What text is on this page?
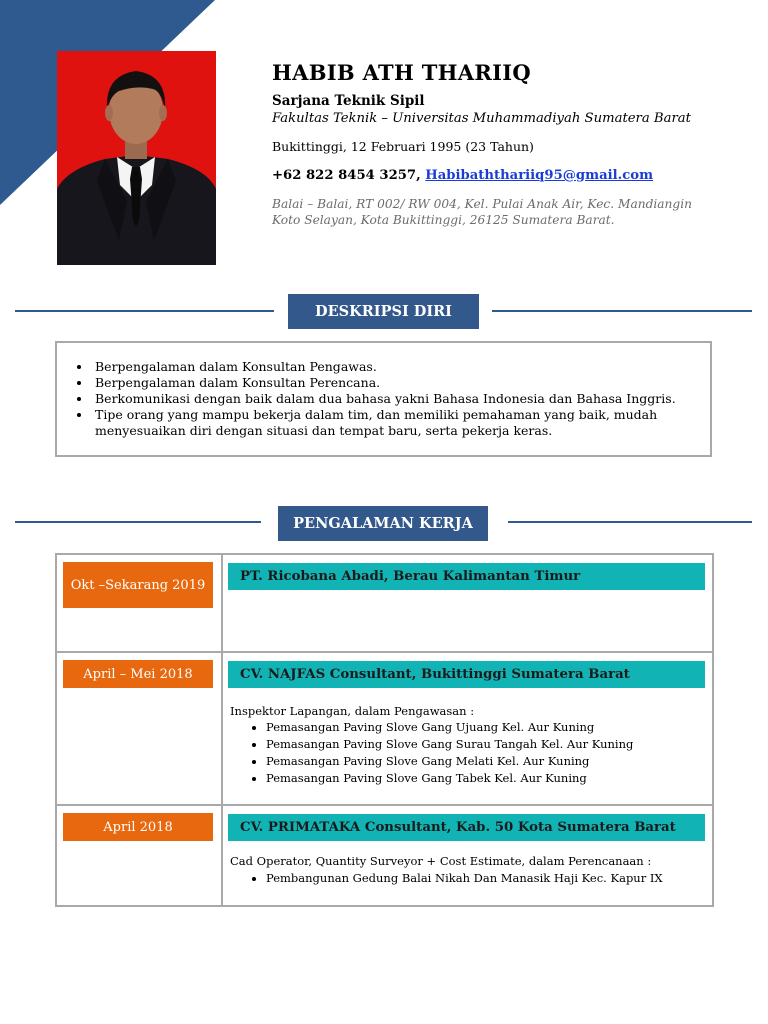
HABIB ATH THARIIQ
Sarjana Teknik Sipil
Fakultas Teknik – Universitas Muhammadiyah Sumatera Barat
Bukittinggi, 12 Februari 1995 (23 Tahun)
+62 822 8454 3257, Habibaththariiq95@gmail.com
Balai – Balai, RT 002/ RW 004, Kel. Pulai Anak Air, Kec. Mandiangin Koto Selayan, Kota Bukittinggi, 26125 Sumatera Barat.
DESKRIPSI DIRI
• Berpengalaman dalam Konsultan Pengawas.
• Berpengalaman dalam Konsultan Perencana.
• Berkomunikasi dengan baik dalam dua bahasa yakni Bahasa Indonesia dan Bahasa Inggris.
• Tipe orang yang mampu bekerja dalam tim, dan memiliki pemahaman yang baik, mudah menyesuaikan diri dengan situasi dan tempat baru, serta pekerja keras.
PENGALAMAN KERJA
Okt –Sekarang 2019
PT. Ricobana Abadi, Berau Kalimantan Timur
April – Mei 2018	CV. NAJFAS Consultant, Bukittinggi Sumatera Barat
Inspektor Lapangan, dalam Pengawasan :
• Pemasangan Paving Slove Gang Ujuang Kel. Aur Kuning
• Pemasangan Paving Slove Gang Surau Tangah Kel. Aur Kuning
• Pemasangan Paving Slove Gang Melati Kel. Aur Kuning
• Pemasangan Paving Slove Gang Tabek Kel. Aur Kuning
April 2018	CV. PRIMATAKA Consultant, Kab. 50 Kota Sumatera Barat
Cad Operator, Quantity Surveyor + Cost Estimate, dalam Perencanaan :
• Pembangunan Gedung Balai Nikah Dan Manasik Haji Kec. Kapur IX
